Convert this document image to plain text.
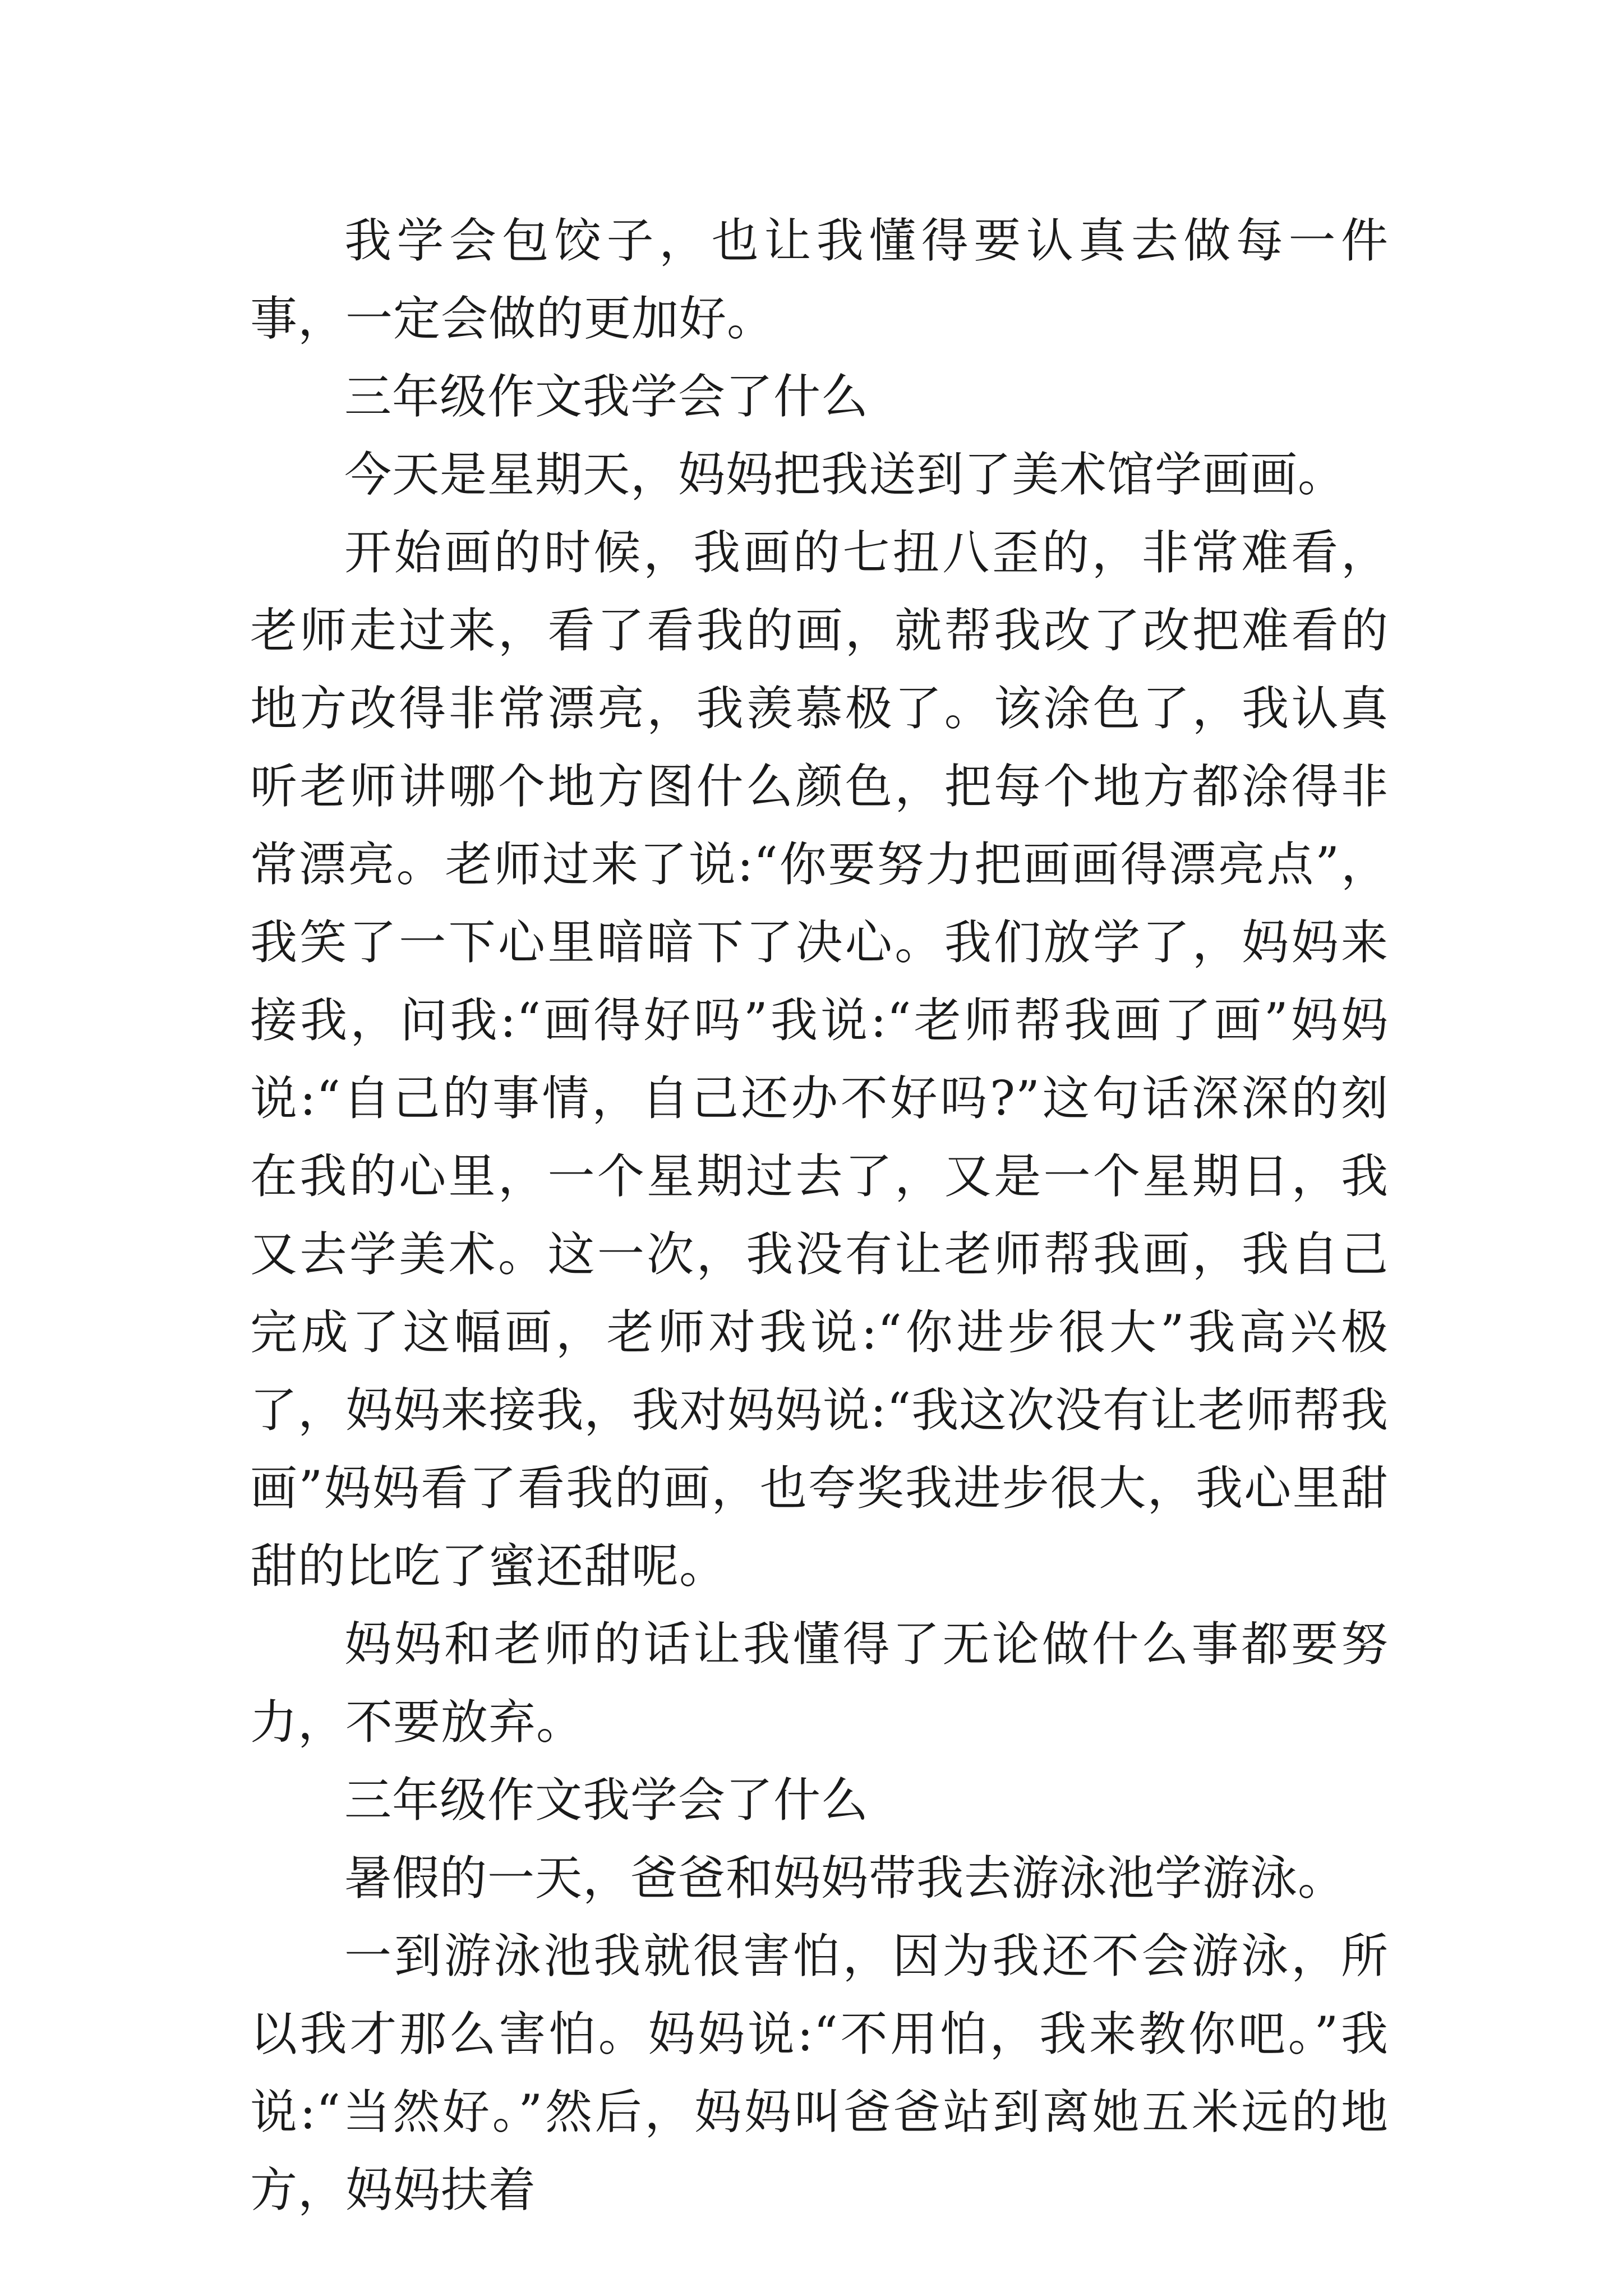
我学会包饺子，也让我懂得要认真去做每一件事，一定会做的更加好。

三年级作文我学会了什么

今天是星期天，妈妈把我送到了美术馆学画画。

开始画的时候，我画的七扭八歪的，非常难看，老师走过来，看了看我的画，就帮我改了改把难看的地方改得非常漂亮，我羡慕极了。该涂色了，我认真听老师讲哪个地方图什么颜色，把每个地方都涂得非常漂亮。老师过来了说:“你要努力把画画得漂亮点”，我笑了一下心里暗暗下了决心。我们放学了，妈妈来接我，问我:“画得好吗”我说:“老师帮我画了画”妈妈说:“自己的事情，自己还办不好吗?”这句话深深的刻在我的心里，一个星期过去了，又是一个星期日，我又去学美术。这一次，我没有让老师帮我画，我自己完成了这幅画，老师对我说:“你进步很大”我高兴极了，妈妈来接我，我对妈妈说:“我这次没有让老师帮我画”妈妈看了看我的画，也夸奖我进步很大，我心里甜甜的比吃了蜜还甜呢。

妈妈和老师的话让我懂得了无论做什么事都要努力，不要放弃。

三年级作文我学会了什么

暑假的一天，爸爸和妈妈带我去游泳池学游泳。

一到游泳池我就很害怕，因为我还不会游泳，所以我才那么害怕。妈妈说:“不用怕，我来教你吧。”我说:“当然好。”然后，妈妈叫爸爸站到离她五米远的地方，妈妈扶着
